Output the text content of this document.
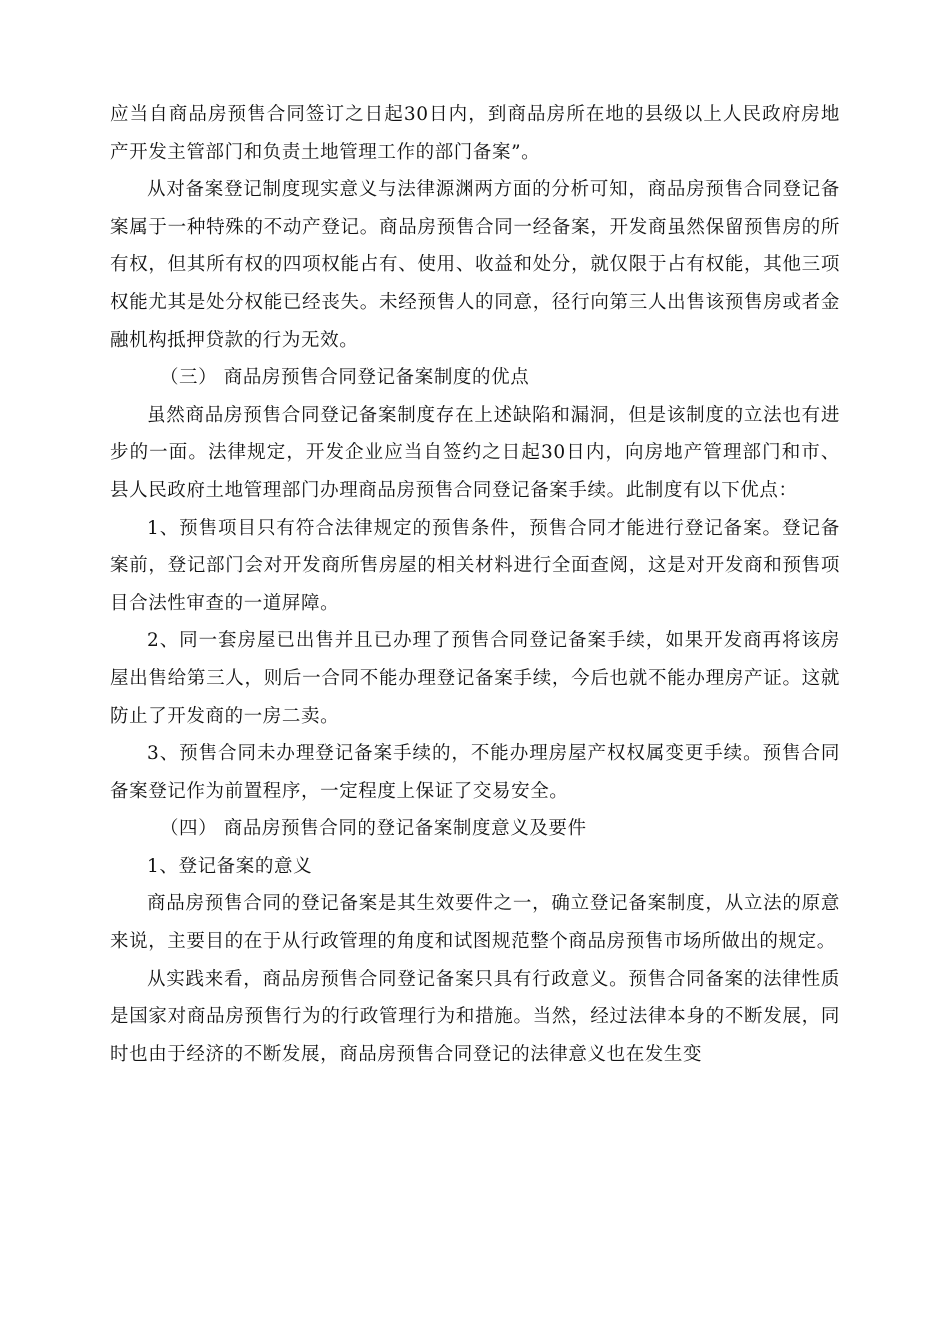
应当自商品房预售合同签订之日起30日内，到商品房所在地的县级以上人民政府房地产开发主管部门和负责土地管理工作的部门备案”。

从对备案登记制度现实意义与法律源渊两方面的分析可知，商品房预售合同登记备案属于一种特殊的不动产登记。商品房预售合同一经备案，开发商虽然保留预售房的所有权，但其所有权的四项权能占有、使用、收益和处分，就仅限于占有权能，其他三项权能尤其是处分权能已经丧失。未经预售人的同意，径行向第三人出售该预售房或者金融机构抵押贷款的行为无效。

（三） 商品房预售合同登记备案制度的优点

虽然商品房预售合同登记备案制度存在上述缺陷和漏洞，但是该制度的立法也有进步的一面。法律规定，开发企业应当自签约之日起30日内，向房地产管理部门和市、县人民政府土地管理部门办理商品房预售合同登记备案手续。此制度有以下优点：

1、预售项目只有符合法律规定的预售条件，预售合同才能进行登记备案。登记备案前，登记部门会对开发商所售房屋的相关材料进行全面查阅，这是对开发商和预售项目合法性审查的一道屏障。

2、同一套房屋已出售并且已办理了预售合同登记备案手续，如果开发商再将该房屋出售给第三人，则后一合同不能办理登记备案手续，今后也就不能办理房产证。这就防止了开发商的一房二卖。

3、预售合同未办理登记备案手续的，不能办理房屋产权权属变更手续。预售合同备案登记作为前置程序，一定程度上保证了交易安全。

（四） 商品房预售合同的登记备案制度意义及要件

1、登记备案的意义

商品房预售合同的登记备案是其生效要件之一，确立登记备案制度，从立法的原意来说，主要目的在于从行政管理的角度和试图规范整个商品房预售市场所做出的规定。

从实践来看，商品房预售合同登记备案只具有行政意义。预售合同备案的法律性质是国家对商品房预售行为的行政管理行为和措施。当然，经过法律本身的不断发展，同时也由于经济的不断发展，商品房预售合同登记的法律意义也在发生变
